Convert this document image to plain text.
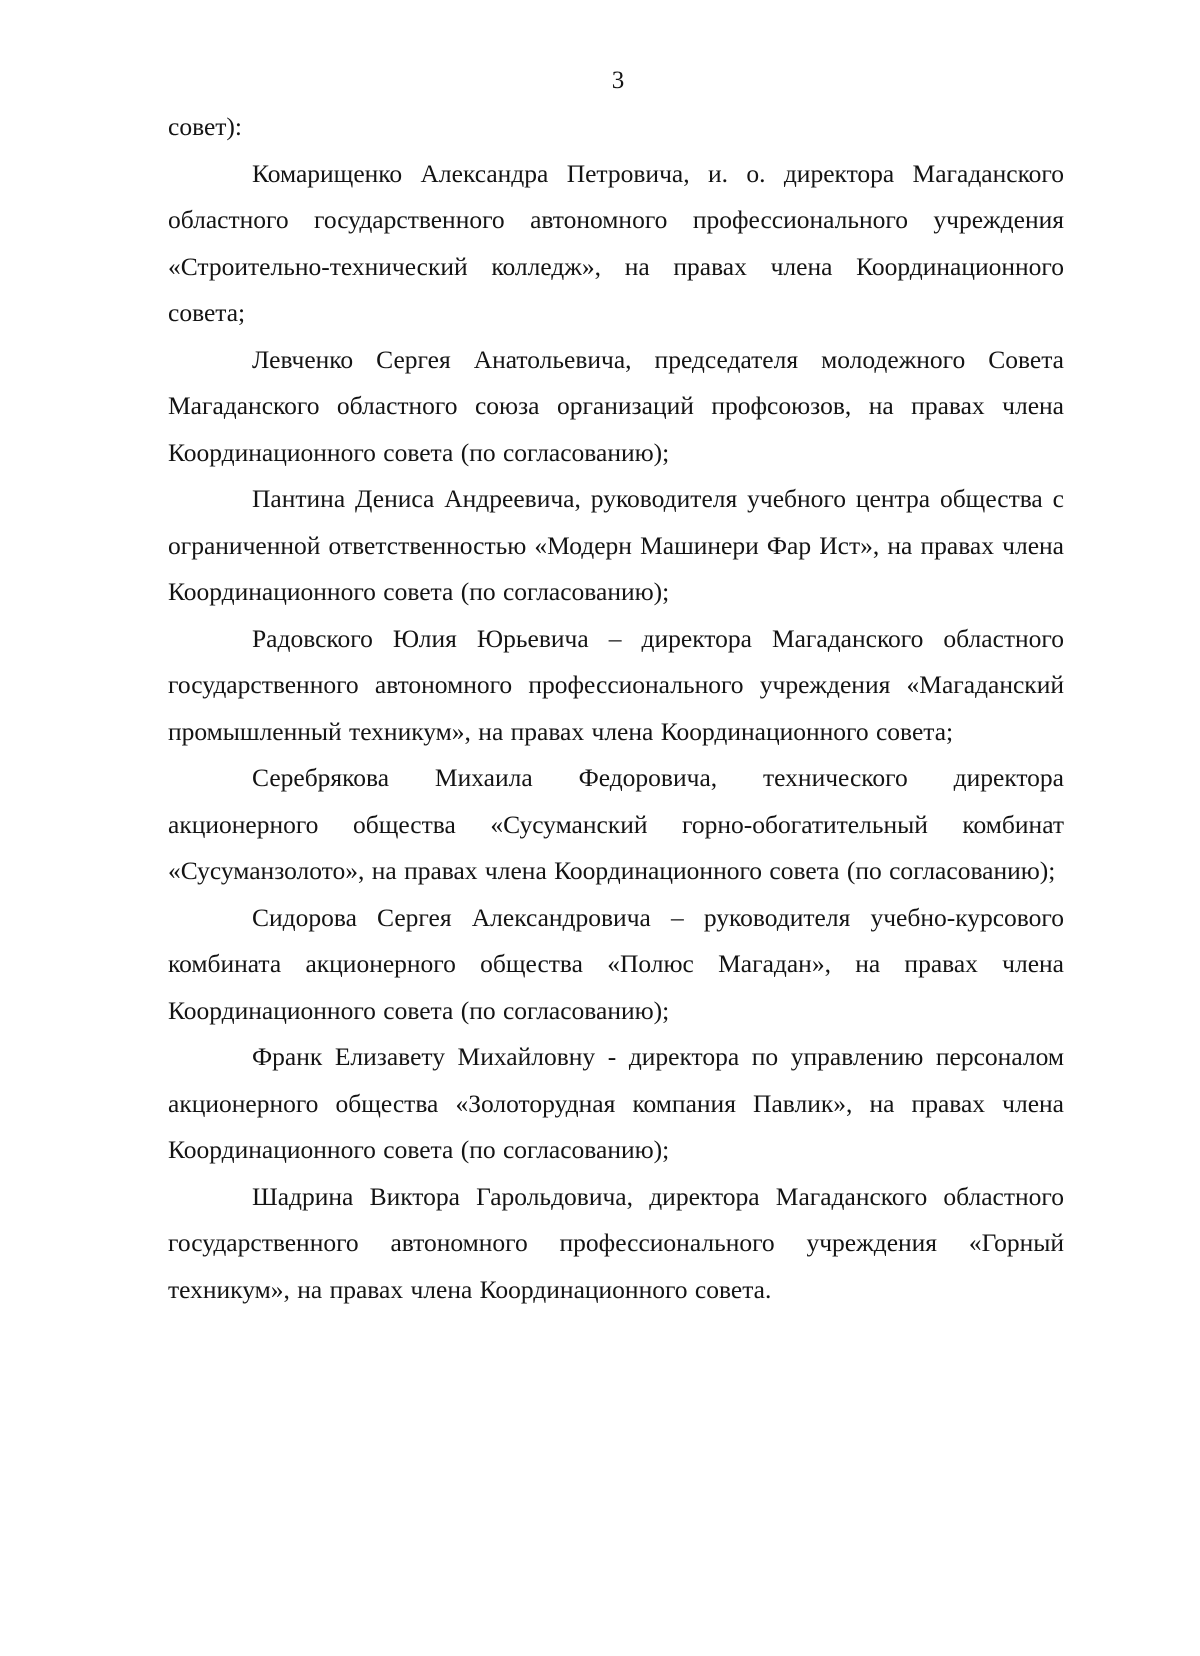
3

совет):

Комарищенко Александра Петровича, и. о. директора Магаданского областного государственного автономного профессионального учреждения «Строительно-технический колледж», на правах члена Координационного совета;

Левченко Сергея Анатольевича, председателя молодежного Совета Магаданского областного союза организаций профсоюзов, на правах члена Координационного совета (по согласованию);

Пантина Дениса Андреевича, руководителя учебного центра общества с ограниченной ответственностью «Модерн Машинери Фар Ист», на правах члена Координационного совета (по согласованию);

Радовского Юлия Юрьевича – директора Магаданского областного государственного автономного профессионального учреждения «Магаданский промышленный техникум», на правах члена Координационного совета;

Серебрякова Михаила Федоровича, технического директора акционерного общества «Сусуманский горно-обогатительный комбинат «Сусуманзолото», на правах члена Координационного совета (по согласованию);

Сидорова Сергея Александровича – руководителя учебно-курсового комбината акционерного общества «Полюс Магадан», на правах члена Координационного совета (по согласованию);

Франк Елизавету Михайловну - директора по управлению персоналом акционерного общества «Золоторудная компания Павлик», на правах члена Координационного совета (по согласованию);

Шадрина Виктора Гарольдовича, директора Магаданского областного государственного автономного профессионального учреждения «Горный техникум», на правах члена Координационного совета.
